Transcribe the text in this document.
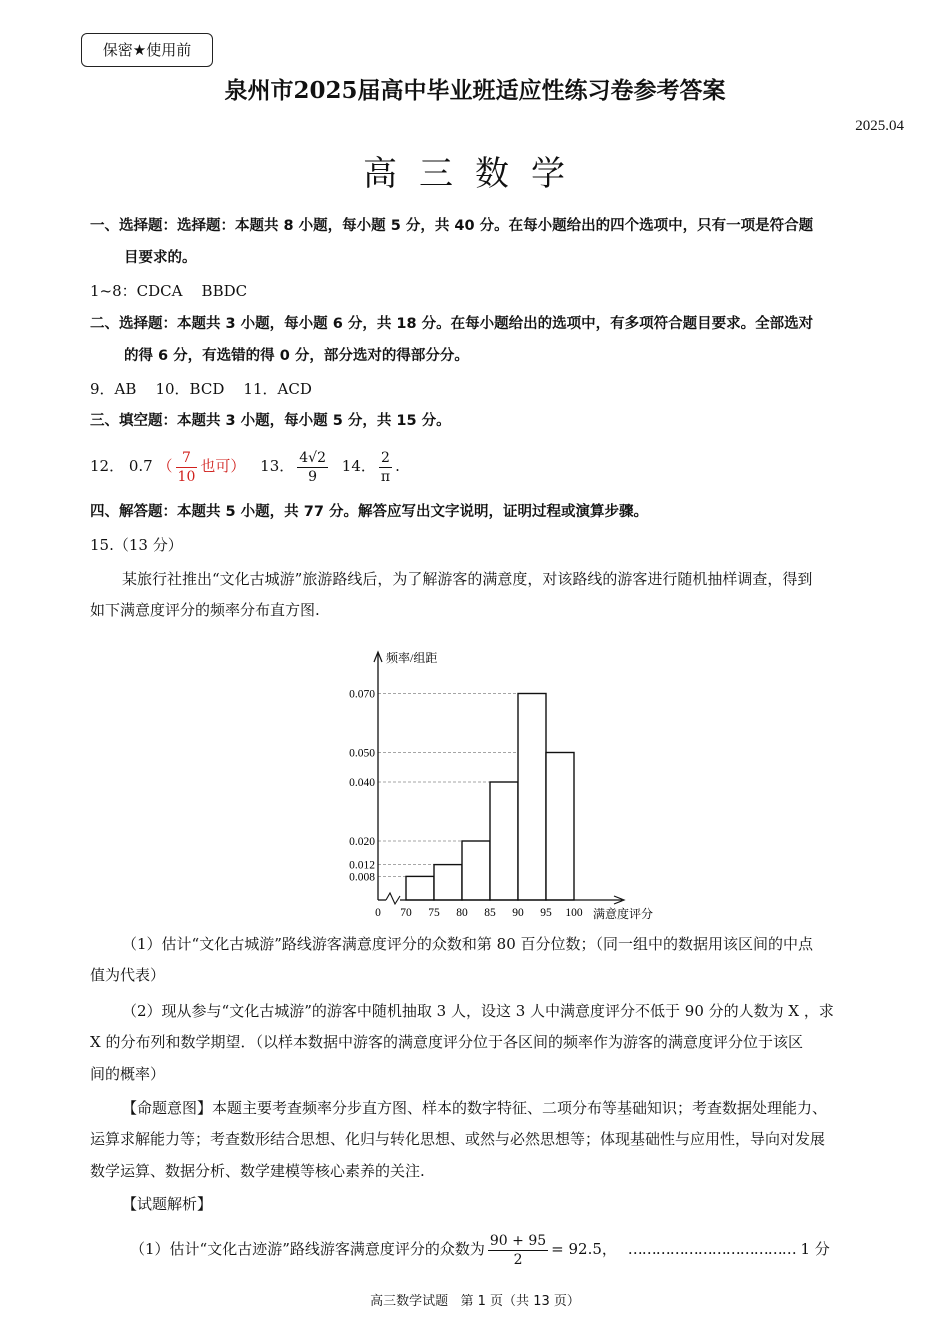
保密★使用前
泉州市2025届高中毕业班适应性练习卷参考答案
2025.04
高三数学
一、选择题：选择题：本题共 8 小题，每小题 5 分，共 40 分。在每小题给出的四个选项中，只有一项是符合题
目要求的。
1~8：CDCA    BBDC
二、选择题：本题共 3 小题，每小题 6 分，共 18 分。在每小题给出的选项中，有多项符合题目要求。全部选对
的得 6 分，有选错的得 0 分，部分选对的得部分分。
9．AB    10．BCD    11．ACD
三、填空题：本题共 3 小题，每小题 5 分，共 15 分。
12． 0.7 （ $\frac{7}{10}$ 也可） 13． $\frac{4√2}{9} 14$． $\frac{2}{\pi}$ .
四、解答题：本题共 5 小题，共 77 分。解答应写出文字说明，证明过程或演算步骤。
15.（13 分）
某旅行社推出“文化古城游”旅游路线后，为了解游客的满意度，对该路线的游客进行随机抽样调查，得到
如下满意度评分的频率分布直方图.
0.008
0.012
0.020
0.040
0.050
0.070
70 75 80 85 90 95 100
0
频率/组距
满意度评分
（1）估计“文化古城游”路线游客满意度评分的众数和第 80 百分位数；（同一组中的数据用该区间的中点
值为代表）
（2）现从参与“文化古城游”的游客中随机抽取 3 人，设这 3 人中满意度评分不低于 90 分的人数为 X ，求
X 的分布列和数学期望．（以样本数据中游客的满意度评分位于各区间的频率作为游客的满意度评分位于该区
间的概率）
【命题意图】本题主要考查频率分步直方图、样本的数字特征、二项分布等基础知识；考查数据处理能力、
运算求解能力等；考查数形结合思想、化归与转化思想、或然与必然思想等；体现基础性与应用性，导向对发展
数学运算、数据分析、数学建模等核心素养的关注.
【试题解析】
（1）估计“文化古迹游”路线游客满意度评分的众数为 $\frac{90 + 95}{2} = 92.5$， ……………………………… 1 分
高三数学试题   第 1 页（共 13 页）
